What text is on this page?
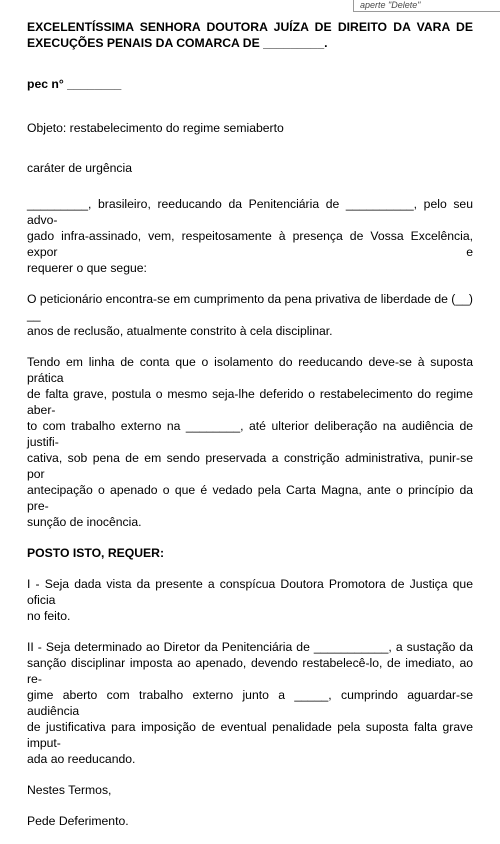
aperte "Delete"

EXCELENTÍSSIMA SENHORA DOUTORA JUÍZA DE DIREITO DA VARA DE

EXECUÇÕES PENAIS DA COMARCA DE _________.

pec n° ________

Objeto: restabelecimento do regime semiaberto

caráter de urgência

_________, brasileiro, reeducando da Penitenciária de __________, pelo seu advo-

gado infra-assinado, vem, respeitosamente à presença de Vossa Excelência, expor e

requerer o que segue:

O peticionário encontra-se em cumprimento da pena privativa de liberdade de (__) __

anos de reclusão, atualmente constrito à cela disciplinar.

Tendo em linha de conta que o isolamento do reeducando deve-se à suposta prática

de falta grave, postula o mesmo seja-lhe deferido o restabelecimento do regime aber-

to com trabalho externo na ________, até ulterior deliberação na audiência de justifi-

cativa, sob pena de em sendo preservada a constrição administrativa, punir-se por

antecipação o apenado o que é vedado pela Carta Magna, ante o princípio da pre-

sunção de inocência.

POSTO ISTO, REQUER:

I - Seja dada vista da presente a conspícua Doutora Promotora de Justiça que oficia

no feito.

II - Seja determinado ao Diretor da Penitenciária de ___________, a sustação da

sanção disciplinar imposta ao apenado, devendo restabelecê-lo, de imediato, ao re-

gime aberto com trabalho externo junto a _____, cumprindo aguardar-se audiência

de justificativa para imposição de eventual penalidade pela suposta falta grave imput-

ada ao reeducando.

Nestes Termos,

Pede Deferimento.
